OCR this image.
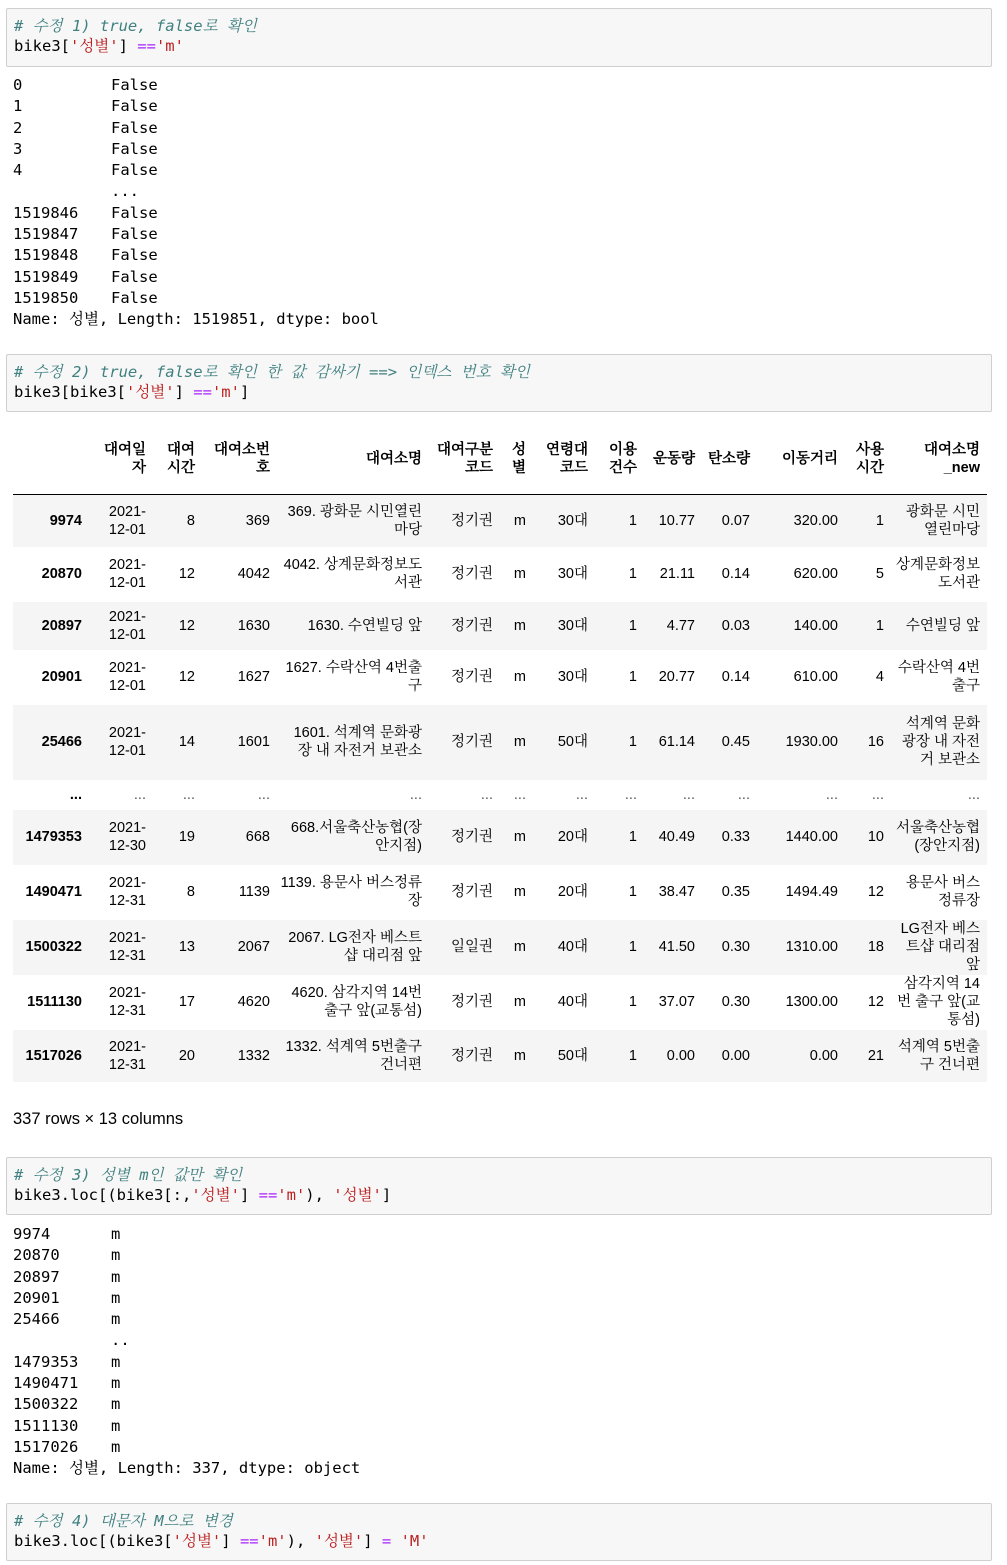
# 수정 1) true, false로 확인
bike3['성별'] =='m'
0	False
1	False
2	False
3	False
4	False
...
1519846	False
1519847	False
1519848	False
1519849	False
1519850	False
Name: 성별, Length: 1519851, dtype: bool
# 수정 2) true, false로 확인 한 값 감싸기 ==> 인덱스 번호 확인
bike3[bike3['성별'] =='m']
	대여일자	대여시간	대여소번호	대여소명	대여구분코드	성별	연령대코드	이용건수	운동량	탄소량	이동거리	사용시간	대여소명_new
9974	2021-12-01	8	369	369. 광화문 시민열린마당	정기권	m	30대	1	10.77	0.07	320.00	1	광화문 시민열린마당
20870	2021-12-01	12	4042	4042. 상계문화정보도서관	정기권	m	30대	1	21.11	0.14	620.00	5	상계문화정보도서관
20897	2021-12-01	12	1630	1630. 수연빌딩 앞	정기권	m	30대	1	4.77	0.03	140.00	1	수연빌딩 앞
20901	2021-12-01	12	1627	1627. 수락산역 4번출구	정기권	m	30대	1	20.77	0.14	610.00	4	수락산역 4번출구
25466	2021-12-01	14	1601	1601. 석계역 문화광장 내 자전거 보관소	정기권	m	50대	1	61.14	0.45	1930.00	16	석계역 문화광장 내 자전거 보관소
...	...	...	...	...	...	...	...	...	...	...	...	...	...
1479353	2021-12-30	19	668	668.서울축산농협(장안지점)	정기권	m	20대	1	40.49	0.33	1440.00	10	서울축산농협(장안지점)
1490471	2021-12-31	8	1139	1139. 용문사 버스정류장	정기권	m	20대	1	38.47	0.35	1494.49	12	용문사 버스정류장
1500322	2021-12-31	13	2067	2067. LG전자 베스트샵 대리점 앞	일일권	m	40대	1	41.50	0.30	1310.00	18	LG전자 베스트샵 대리점 앞
1511130	2021-12-31	17	4620	4620. 삼각지역 14번 출구 앞(교통섬)	정기권	m	40대	1	37.07	0.30	1300.00	12	삼각지역 14번 출구 앞(교통섬)
1517026	2021-12-31	20	1332	1332. 석계역 5번출구 건너편	정기권	m	50대	1	0.00	0.00	0.00	21	석계역 5번출구 건너편
337 rows × 13 columns
# 수정 3) 성별 m인 값만 확인
bike3.loc[(bike3[:,'성별'] =='m'), '성별']
9974	m
20870	m
20897	m
20901	m
25466	m
..
1479353	m
1490471	m
1500322	m
1511130	m
1517026	m
Name: 성별, Length: 337, dtype: object
# 수정 4) 대문자 M으로 변경
bike3.loc[(bike3['성별'] =='m'), '성별'] = 'M'
